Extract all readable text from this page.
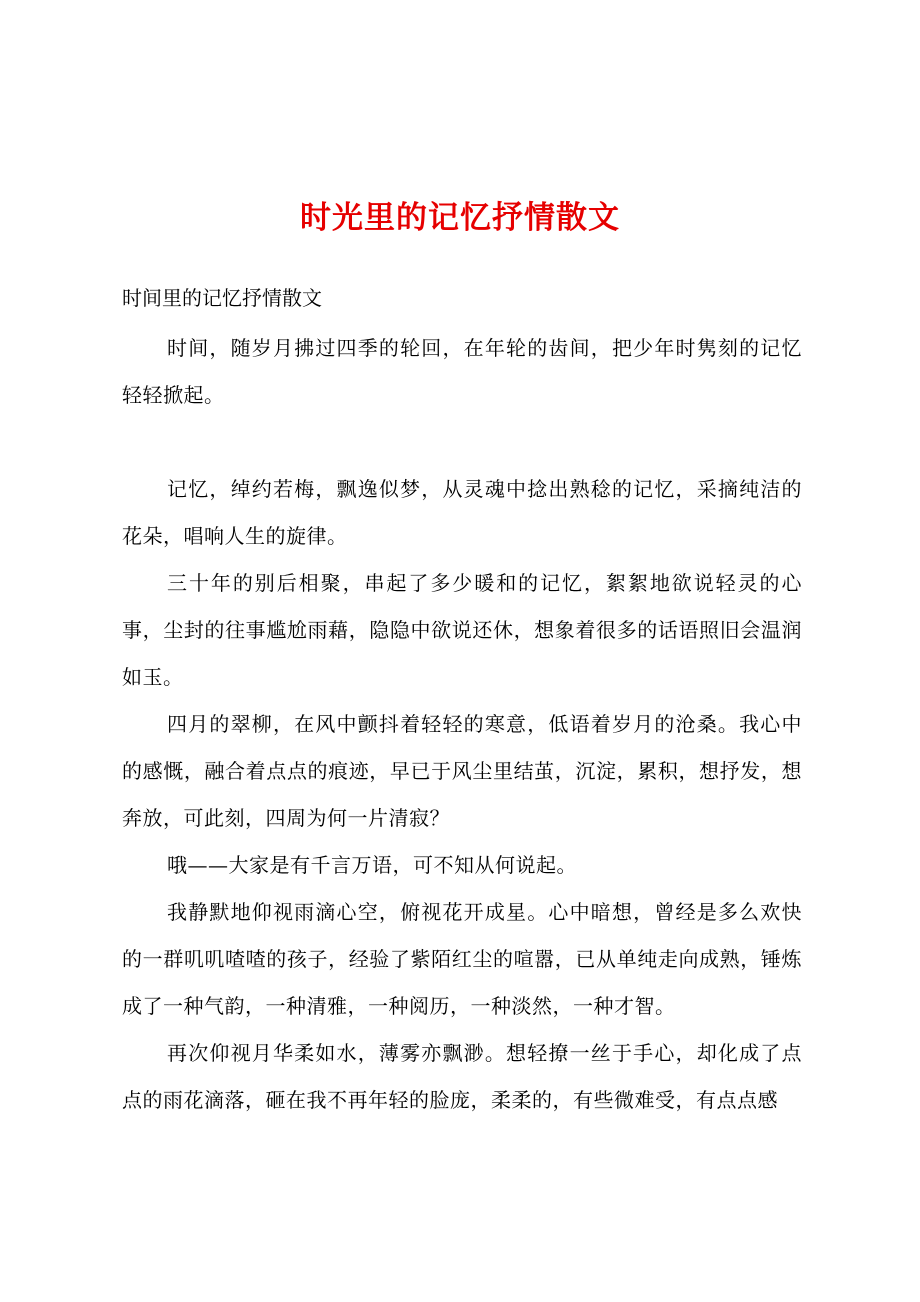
时光里的记忆抒情散文
时间里的记忆抒情散文

时间，随岁月拂过四季的轮回，在年轮的齿间，把少年时隽刻的记忆轻轻掀起。

记忆，绰约若梅，飘逸似梦，从灵魂中捻出熟稔的记忆，采摘纯洁的花朵，唱响人生的旋律。

三十年的别后相聚，串起了多少暖和的记忆，絮絮地欲说轻灵的心事，尘封的往事尴尬雨藉，隐隐中欲说还休，想象着很多的话语照旧会温润如玉。

四月的翠柳，在风中颤抖着轻轻的寒意，低语着岁月的沧桑。我心中的感慨，融合着点点的痕迹，早已于风尘里结茧，沉淀，累积，想抒发，想奔放，可此刻，四周为何一片清寂？

哦——大家是有千言万语，可不知从何说起。

我静默地仰视雨滴心空，俯视花开成星。心中暗想，曾经是多么欢快的一群叽叽喳喳的孩子，经验了紫陌红尘的喧嚣，已从单纯走向成熟，锤炼成了一种气韵，一种清雅，一种阅历，一种淡然，一种才智。

再次仰视月华柔如水，薄雾亦飘渺。想轻撩一丝于手心，却化成了点点的雨花滴落，砸在我不再年轻的脸庞，柔柔的，有些微难受，有点点感
